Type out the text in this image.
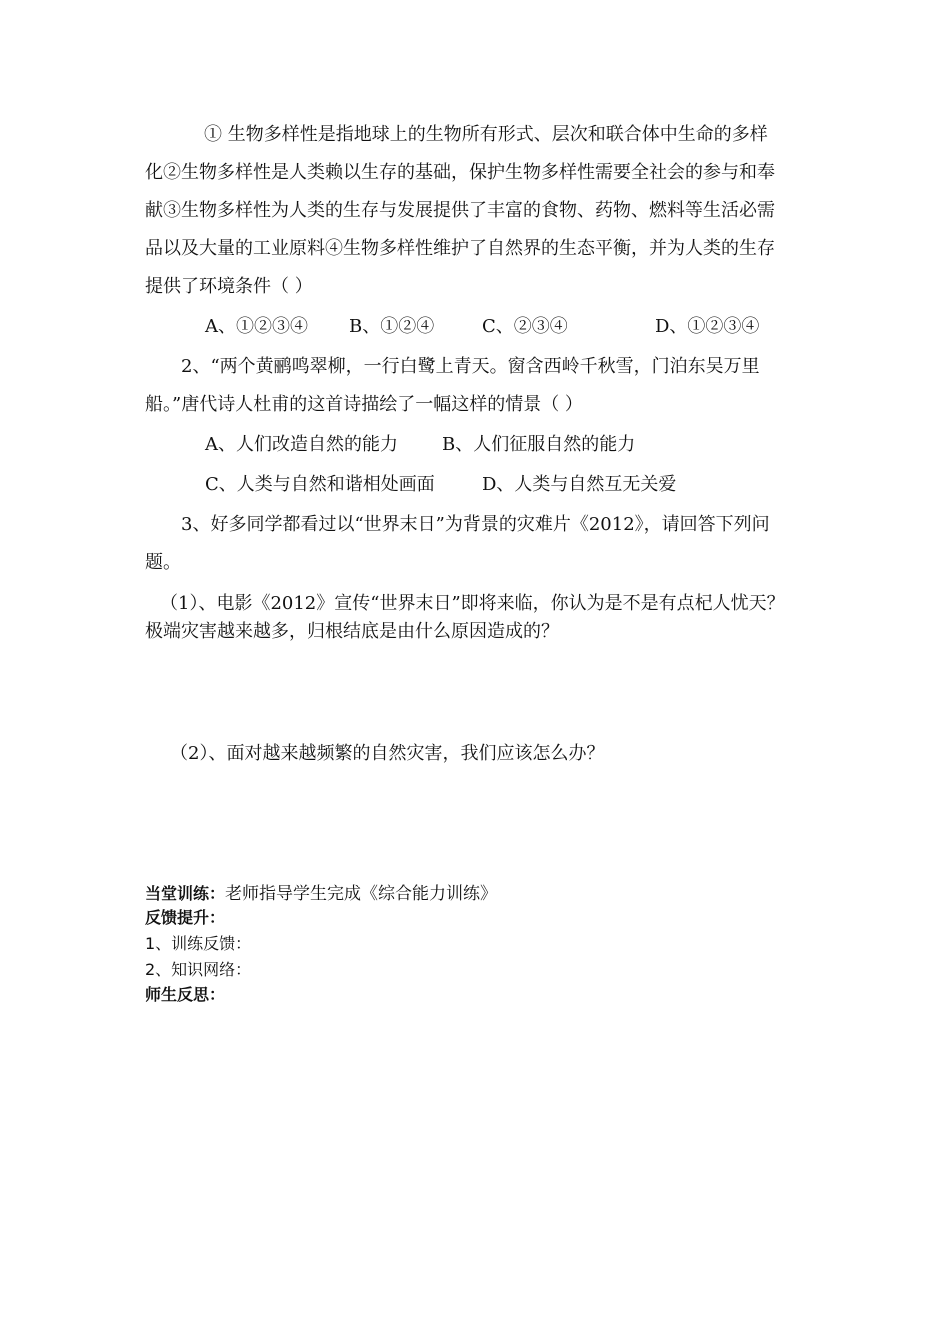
① 生物多样性是指地球上的生物所有形式、层次和联合体中生命的多样
化②生物多样性是人类赖以生存的基础，保护生物多样性需要全社会的参与和奉
献③生物多样性为人类的生存与发展提供了丰富的食物、药物、燃料等生活必需
品以及大量的工业原料④生物多样性维护了自然界的生态平衡，并为人类的生存
提供了环境条件（ ）
A、①②③④ B、①②④	C、②③④	D、①②③④
2、“两个黄鹂鸣翠柳，一行白鹭上青天。窗含西岭千秋雪，门泊东吴万里
船。”唐代诗人杜甫的这首诗描绘了一幅这样的情景（ ）
A、人们改造自然的能力 B、人们征服自然的能力
C、人类与自然和谐相处画面	D、人类与自然互无关爱
3、好多同学都看过以“世界末日”为背景的灾难片《2012》，请回答下列问
题。
（1）、电影《2012》宣传“世界末日”即将来临，你认为是不是有点杞人忧天？
极端灾害越来越多，归根结底是由什么原因造成的？
（2）、面对越来越频繁的自然灾害，我们应该怎么办？
当堂训练：老师指导学生完成《综合能力训练》
反馈提升：
1、训练反馈：
2、知识网络：
师生反思：
